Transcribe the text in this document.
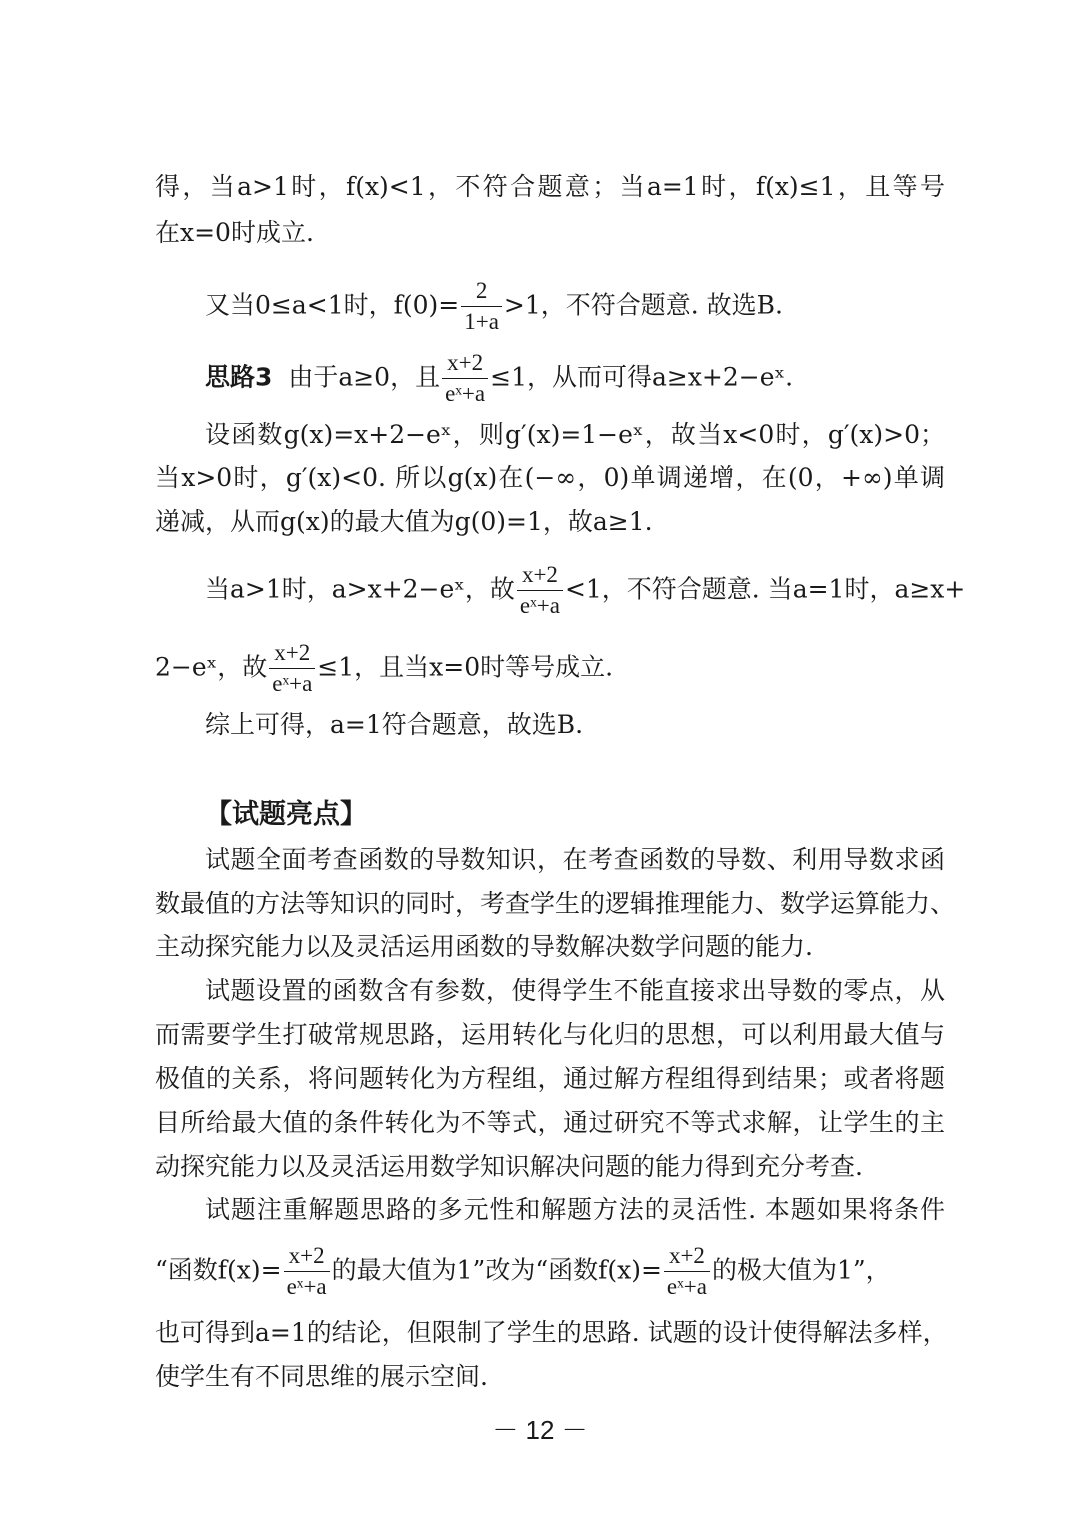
得，当a>1时，f(x)<1，不符合题意；当a=1时，f(x)≤1，且等号
在x=0时成立.
又当0≤a<1时，$f(0)= \frac{2}{1+a} >1$，不符合题意. 故选B.
思路3 由于a≥0，且 $\frac{x+2}{\text{eˣ+a}} \le 1$，从而可得a≥x+2−eˣ.
设函数g(x)=x+2−eˣ，则g′(x)=1−eˣ，故当x<0时，g′(x)>0；
当x>0时，g′(x)<0. 所以g(x)在(−∞，0)单调递增，在(0，+∞)单调
递减，从而g(x)的最大值为g(0)=1，故a≥1.
当a>1时，a>x+2−eˣ，故 $\frac{x+2}{\text{eˣ+a}} <1$，不符合题意. 当a=1时，a≥x+
2−eˣ，故 $\frac{x+2}{\text{eˣ+a}} \le 1$，且当x=0时等号成立.
综上可得，a=1符合题意，故选B.
【试题亮点】
试题全面考查函数的导数知识，在考查函数的导数、利用导数求函
数最值的方法等知识的同时，考查学生的逻辑推理能力、数学运算能力、
主动探究能力以及灵活运用函数的导数解决数学问题的能力.
试题设置的函数含有参数，使得学生不能直接求出导数的零点，从
而需要学生打破常规思路，运用转化与化归的思想，可以利用最大值与
极值的关系，将问题转化为方程组，通过解方程组得到结果；或者将题
目所给最大值的条件转化为不等式，通过研究不等式求解，让学生的主
动探究能力以及灵活运用数学知识解决问题的能力得到充分考查.
试题注重解题思路的多元性和解题方法的灵活性. 本题如果将条件
“函数$f(x)= \frac{x+2}{\text{eˣ+a}}$ 的最大值为1”改为“函数$f(x)= \frac{x+2}{\text{eˣ+a}}$ 的极大值为1”，
也可得到a=1的结论，但限制了学生的思路. 试题的设计使得解法多样，
使学生有不同思维的展示空间.
－ 12 －
